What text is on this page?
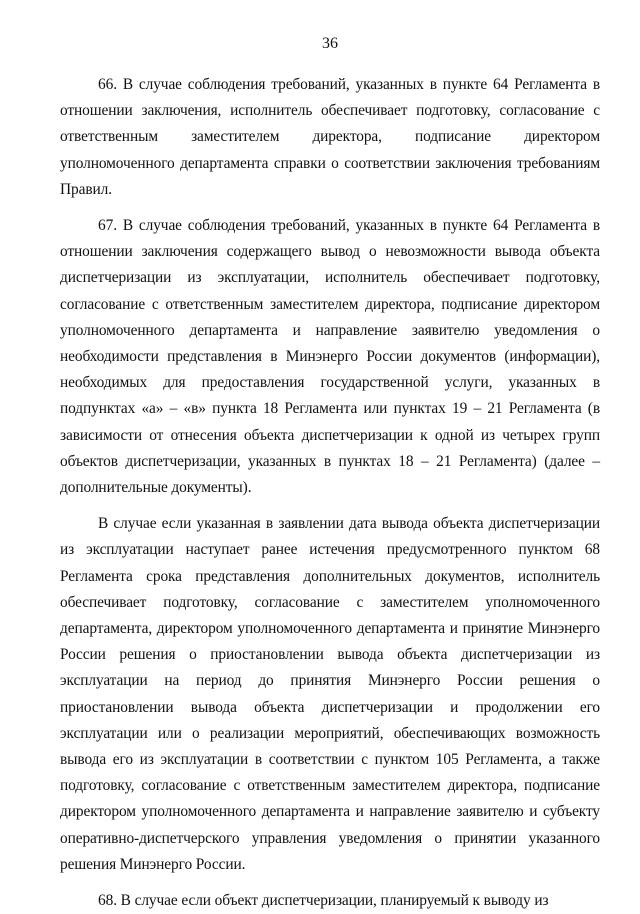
36

66. В случае соблюдения требований, указанных в пункте 64 Регламента в отношении заключения, исполнитель обеспечивает подготовку, согласование с ответственным заместителем директора, подписание директором уполномоченного департамента справки о соответствии заключения требованиям Правил.

67. В случае соблюдения требований, указанных в пункте 64 Регламента в отношении заключения содержащего вывод о невозможности вывода объекта диспетчеризации из эксплуатации, исполнитель обеспечивает подготовку, согласование с ответственным заместителем директора, подписание директором уполномоченного департамента и направление заявителю уведомления о необходимости представления в Минэнерго России документов (информации), необходимых для предоставления государственной услуги, указанных в подпунктах «а» – «в» пункта 18 Регламента или пунктах 19 – 21 Регламента (в зависимости от отнесения объекта диспетчеризации к одной из четырех групп объектов диспетчеризации, указанных в пунктах 18 – 21 Регламента) (далее – дополнительные документы).

В случае если указанная в заявлении дата вывода объекта диспетчеризации из эксплуатации наступает ранее истечения предусмотренного пунктом 68 Регламента срока представления дополнительных документов, исполнитель обеспечивает подготовку, согласование с заместителем уполномоченного департамента, директором уполномоченного департамента и принятие Минэнерго России решения о приостановлении вывода объекта диспетчеризации из эксплуатации на период до принятия Минэнерго России решения о приостановлении вывода объекта диспетчеризации и продолжении его эксплуатации или о реализации мероприятий, обеспечивающих возможность вывода его из эксплуатации в соответствии с пунктом 105 Регламента, а также подготовку, согласование с ответственным заместителем директора, подписание директором уполномоченного департамента и направление заявителю и субъекту оперативно-диспетчерского управления уведомления о принятии указанного решения Минэнерго России.

68. В случае если объект диспетчеризации, планируемый к выводу из
